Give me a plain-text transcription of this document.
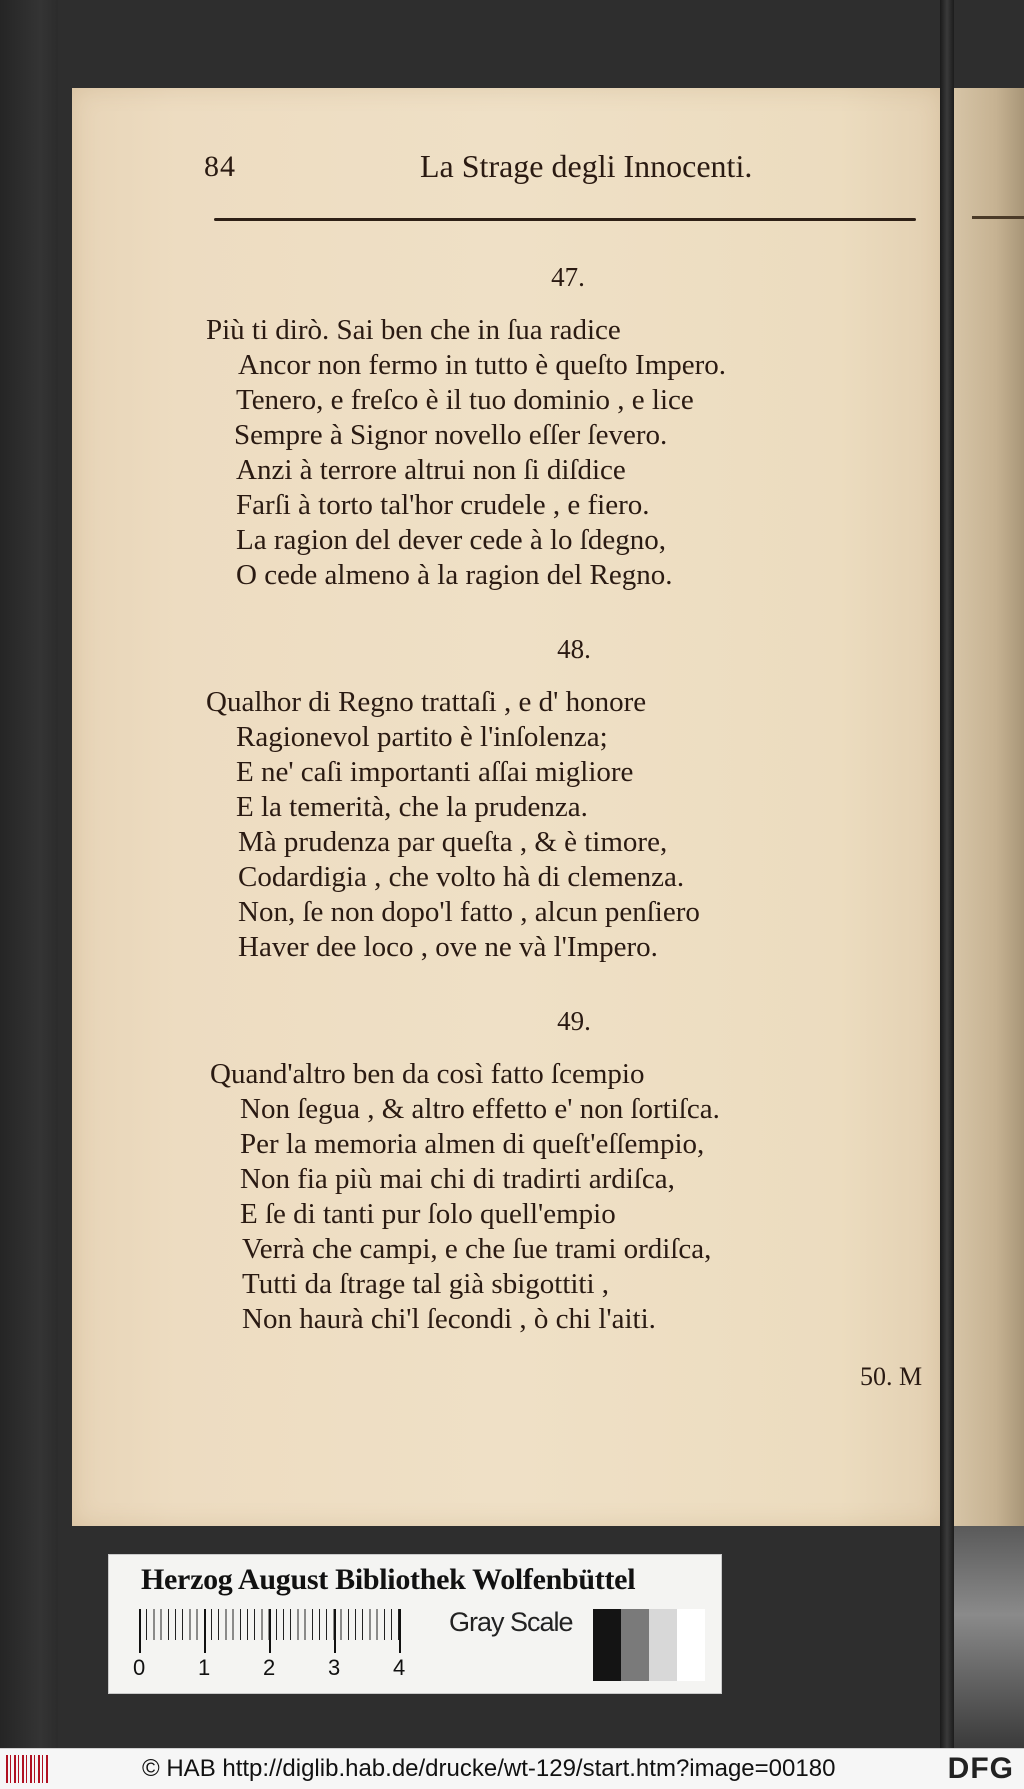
84	La Strage degli Innocenti.
47.
Più ti dirò. Sai ben che in ſua radice
Ancor non fermo in tutto è queſto Impero.
Tenero, e freſco è il tuo dominio , e lice
Sempre à Signor novello eſſer ſevero.
Anzi à terrore altrui non ſi diſdice
Farſi à torto tal'hor crudele , e fiero.
La ragion del dever cede à lo ſdegno,
O cede almeno à la ragion del Regno.
48.
Qualhor di Regno trattaſi , e d' honore
Ragionevol partito è l'inſolenza;
E ne' caſi importanti aſſai migliore
E la temerità, che la prudenza.
Mà prudenza par queſta , & è timore,
Codardigia , che volto hà di clemenza.
Non, ſe non dopo'l fatto , alcun penſiero
Haver dee loco , ove ne và l'Impero.
49.
Quand'altro ben da così fatto ſcempio
Non ſegua , & altro effetto e' non ſortiſca.
Per la memoria almen di queſt'eſſempio,
Non fia più mai chi di tradirti ardiſca,
E ſe di tanti pur ſolo quell'empio
Verrà che campi, e che ſue trami ordiſca,
Tutti da ſtrage tal già sbigottiti ,
Non haurà chi'l ſecondi , ò chi l'aiti.
50. M
Herzog August Bibliothek Wolfenbüttel
0 1 2 3 4
Gray Scale
© HAB http://diglib.hab.de/drucke/wt-129/start.htm?image=00180	DFG
